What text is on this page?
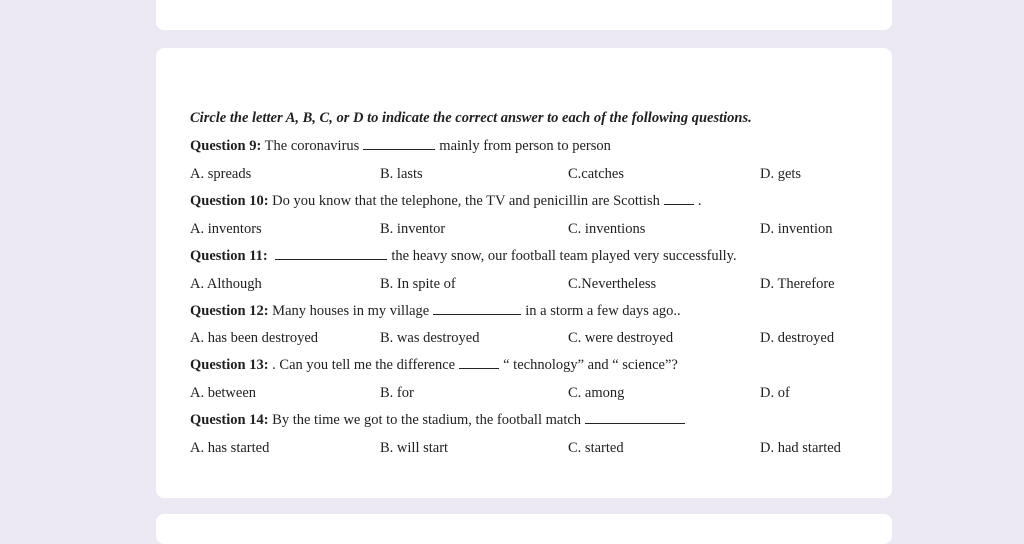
Circle the letter A, B, C, or D to indicate the correct answer to each of the following questions.
Question 9: The coronavirus	mainly from person to person
A. spreads	B. lasts	C.catches	D. gets
Question 10: Do you know that the telephone, the TV and penicillin are Scottish	.
A. inventors	B. inventor	C. inventions	D. invention
Question 11:	the heavy snow, our football team played very successfully.
A. Although	B. In spite of	C.Nevertheless	D. Therefore
Question 12: Many houses in my village	in a storm a few days ago..
A. has been destroyed	B. was destroyed	C. were destroyed	D. destroyed
Question 13: . Can you tell me the difference	“ technology” and “ science”?
A. between	B. for	C. among	D. of
Question 14: By the time we got to the stadium, the football match
A. has started	B. will start	C. started	D. had started
